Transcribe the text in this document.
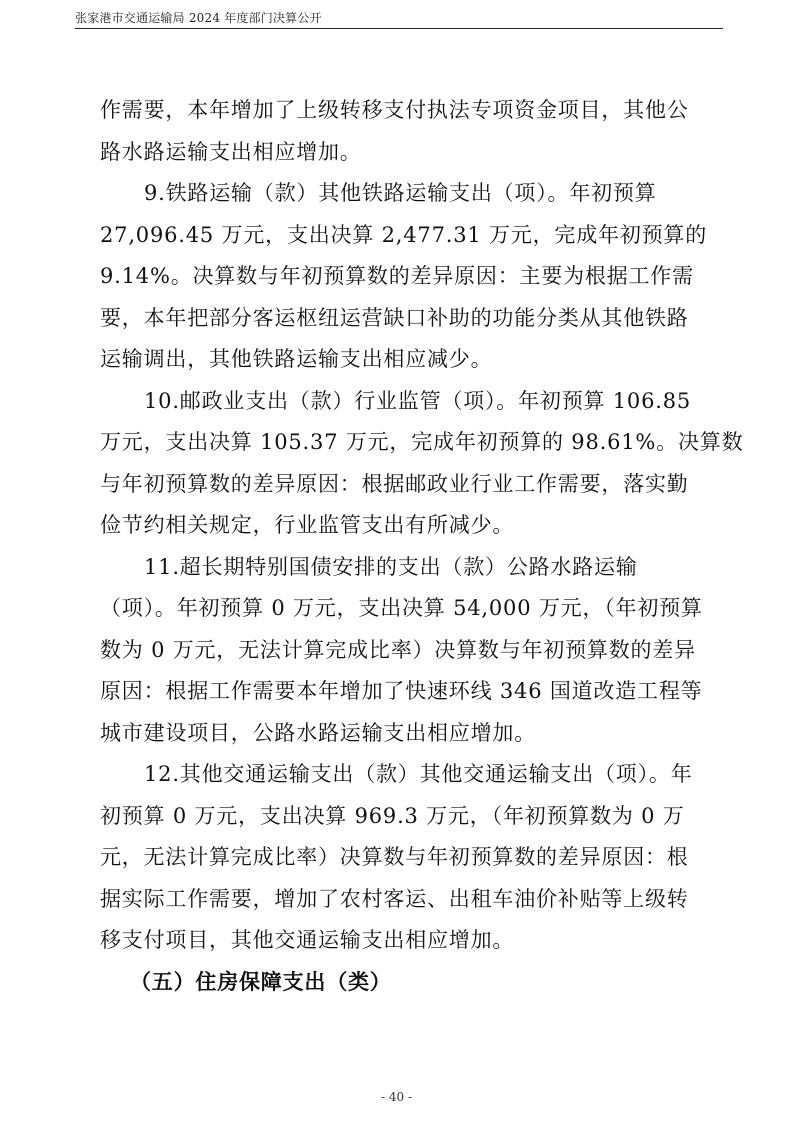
张家港市交通运输局 2024 年度部门决算公开
作需要，本年增加了上级转移支付执法专项资金项目，其他公
路水路运输支出相应增加。
9.铁路运输（款）其他铁路运输支出（项）。年初预算
27,096.45 万元，支出决算 2,477.31 万元，完成年初预算的
9.14%。决算数与年初预算数的差异原因：主要为根据工作需
要，本年把部分客运枢纽运营缺口补助的功能分类从其他铁路
运输调出，其他铁路运输支出相应减少。
10.邮政业支出（款）行业监管（项）。年初预算 106.85
万元，支出决算 105.37 万元，完成年初预算的 98.61%。决算数
与年初预算数的差异原因：根据邮政业行业工作需要，落实勤
俭节约相关规定，行业监管支出有所减少。
11.超长期特别国债安排的支出（款）公路水路运输
（项）。年初预算 0 万元，支出决算 54,000 万元，（年初预算
数为 0 万元，无法计算完成比率）决算数与年初预算数的差异
原因：根据工作需要本年增加了快速环线 346 国道改造工程等
城市建设项目，公路水路运输支出相应增加。
12.其他交通运输支出（款）其他交通运输支出（项）。年
初预算 0 万元，支出决算 969.3 万元，（年初预算数为 0 万
元，无法计算完成比率）决算数与年初预算数的差异原因：根
据实际工作需要，增加了农村客运、出租车油价补贴等上级转
移支付项目，其他交通运输支出相应增加。
（五）住房保障支出（类）
- 40 -
